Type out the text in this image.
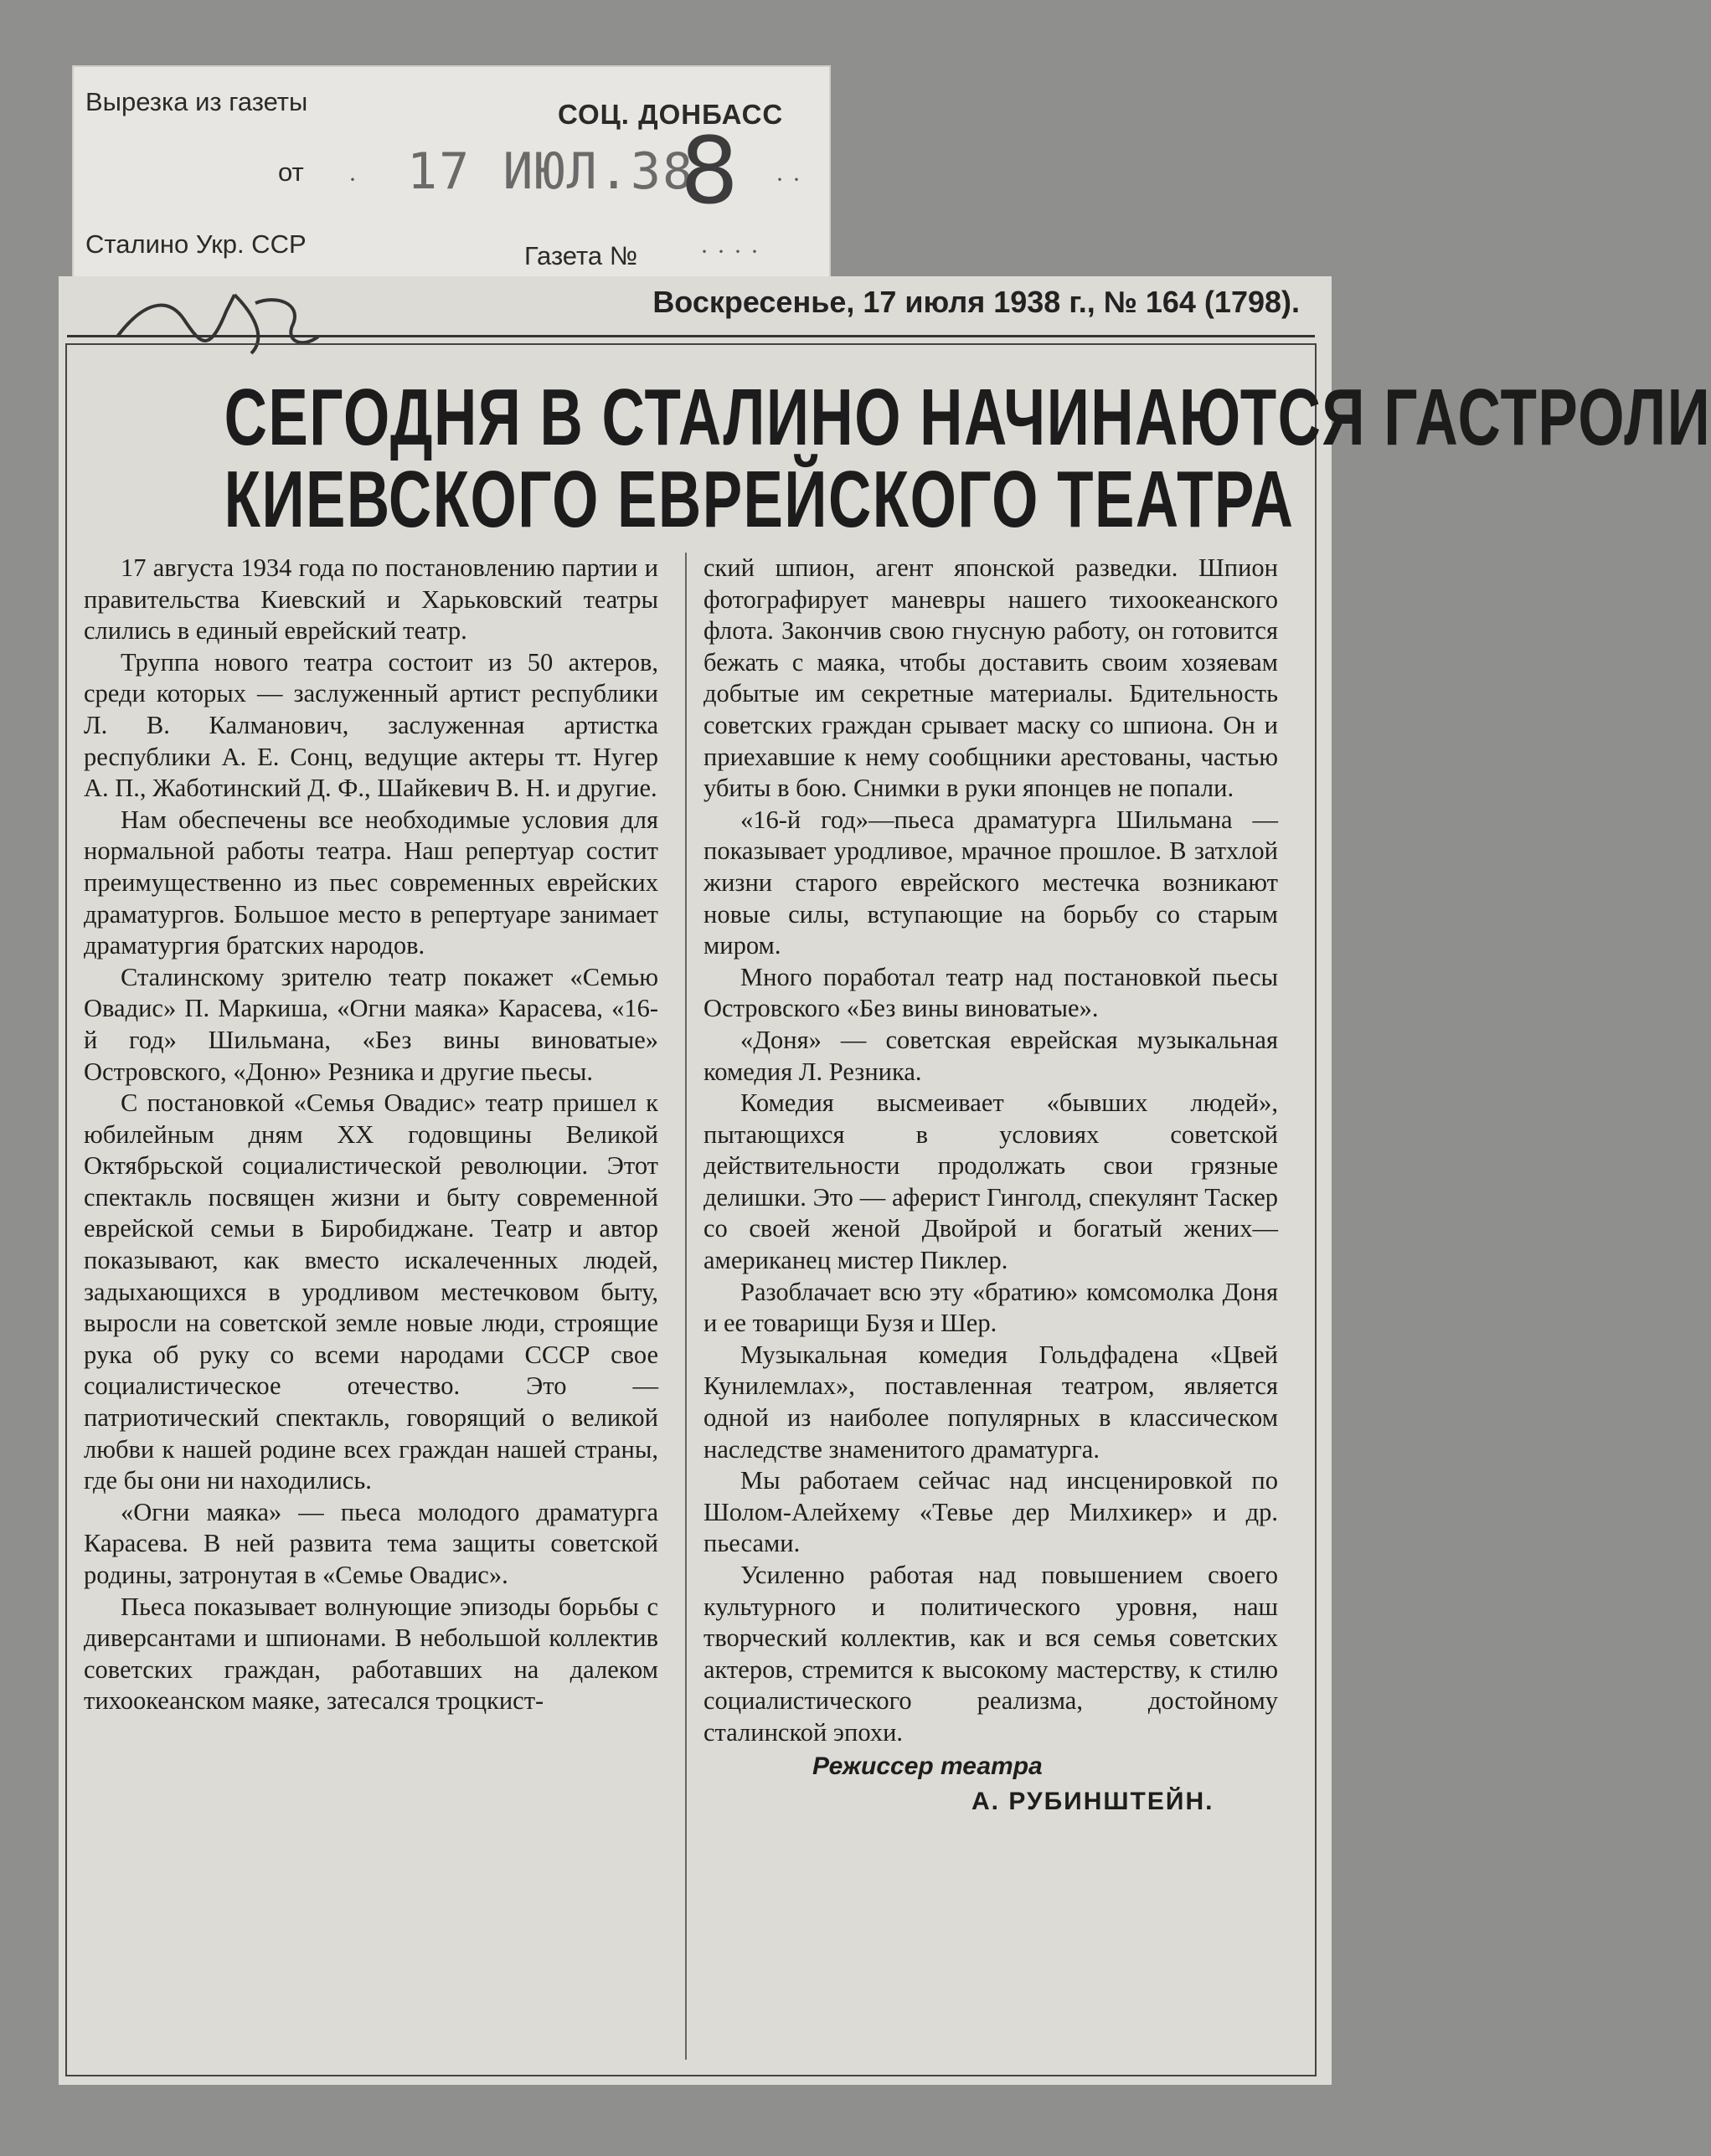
Вырезка из газеты	СОЦ. ДОНБАСС
от 17 ИЮЛ.38
8
·	··
Сталино Укр. ССР	Газета №	····
Воскресенье, 17 июля 1938 г., № 164 (1798).
СЕГОДНЯ В СТАЛИНО НАЧИНАЮТСЯ ГАСТРОЛИ
КИЕВСКОГО ЕВРЕЙСКОГО ТЕАТРА

17 августа 1934 года по постановлению партии и правительства Киевский и Харьковский театры слились в единый еврейский театр.

Труппа нового театра состоит из 50 актеров, среди которых — заслуженный артист республики Л. В. Калманович, заслуженная артистка республики А. Е. Сонц, ведущие актеры тт. Нугер А. П., Жаботинский Д. Ф., Шайкевич В. Н. и другие.

Нам обеспечены все необходимые условия для нормальной работы театра. Наш репертуар состит преимущественно из пьес современных еврейских драматургов. Большое место в репертуаре занимает драматургия братских народов.

Сталинскому зрителю театр покажет «Семью Овадис» П. Маркиша, «Огни маяка» Карасева, «16-й год» Шильмана, «Без вины виноватые» Островского, «Доню» Резника и другие пьесы.

С постановкой «Семья Овадис» театр пришел к юбилейным дням XX годовщины Великой Октябрьской социалистической революции. Этот спектакль посвящен жизни и быту современной еврейской семьи в Биробиджане. Театр и автор показывают, как вместо искалеченных людей, задыхающихся в уродливом местечковом быту, выросли на советской земле новые люди, строящие рука об руку со всеми народами СССР свое социалистическое отечество. Это — патриотический спектакль, говорящий о великой любви к нашей родине всех граждан нашей страны, где бы они ни находились.

«Огни маяка» — пьеса молодого драматурга Карасева. В ней развита тема защиты советской родины, затронутая в «Семье Овадис».

Пьеса показывает волнующие эпизоды борьбы с диверсантами и шпионами. В небольшой коллектив советских граждан, работавших на далеком тихоокеанском маяке, затесался троцкист-

ский шпион, агент японской разведки. Шпион фотографирует маневры нашего тихоокеанского флота. Закончив свою гнусную работу, он готовится бежать с маяка, чтобы доставить своим хозяевам добытые им секретные материалы. Бдительность советских граждан срывает маску со шпиона. Он и приехавшие к нему сообщники арестованы, частью убиты в бою. Снимки в руки японцев не попали.

«16-й год»—пьеса драматурга Шильмана — показывает уродливое, мрачное прошлое. В затхлой жизни старого еврейского местечка возникают новые силы, вступающие на борьбу со старым миром.

Много поработал театр над постановкой пьесы Островского «Без вины виноватые».

«Доня» — советская еврейская музыкальная комедия Л. Резника.

Комедия высмеивает «бывших людей», пытающихся в условиях советской действительности продолжать свои грязные делишки. Это — аферист Гинголд, спекулянт Таскер со своей женой Двойрой и богатый жених—американец мистер Пиклер.

Разоблачает всю эту «братию» комсомолка Доня и ее товарищи Бузя и Шер.

Музыкальная комедия Гольдфадена «Цвей Кунилемлах», поставленная театром, является одной из наиболее популярных в классическом наследстве знаменитого драматурга.

Мы работаем сейчас над инсценировкой по Шолом-Алейхему «Тевье дер Милхикер» и др. пьесами.

Усиленно работая над повышением своего культурного и политического уровня, наш творческий коллектив, как и вся семья советских актеров, стремится к высокому мастерству, к стилю социалистического реализма, достойному сталинской эпохи.

Режиссер театра
А. РУБИНШТЕЙН.
